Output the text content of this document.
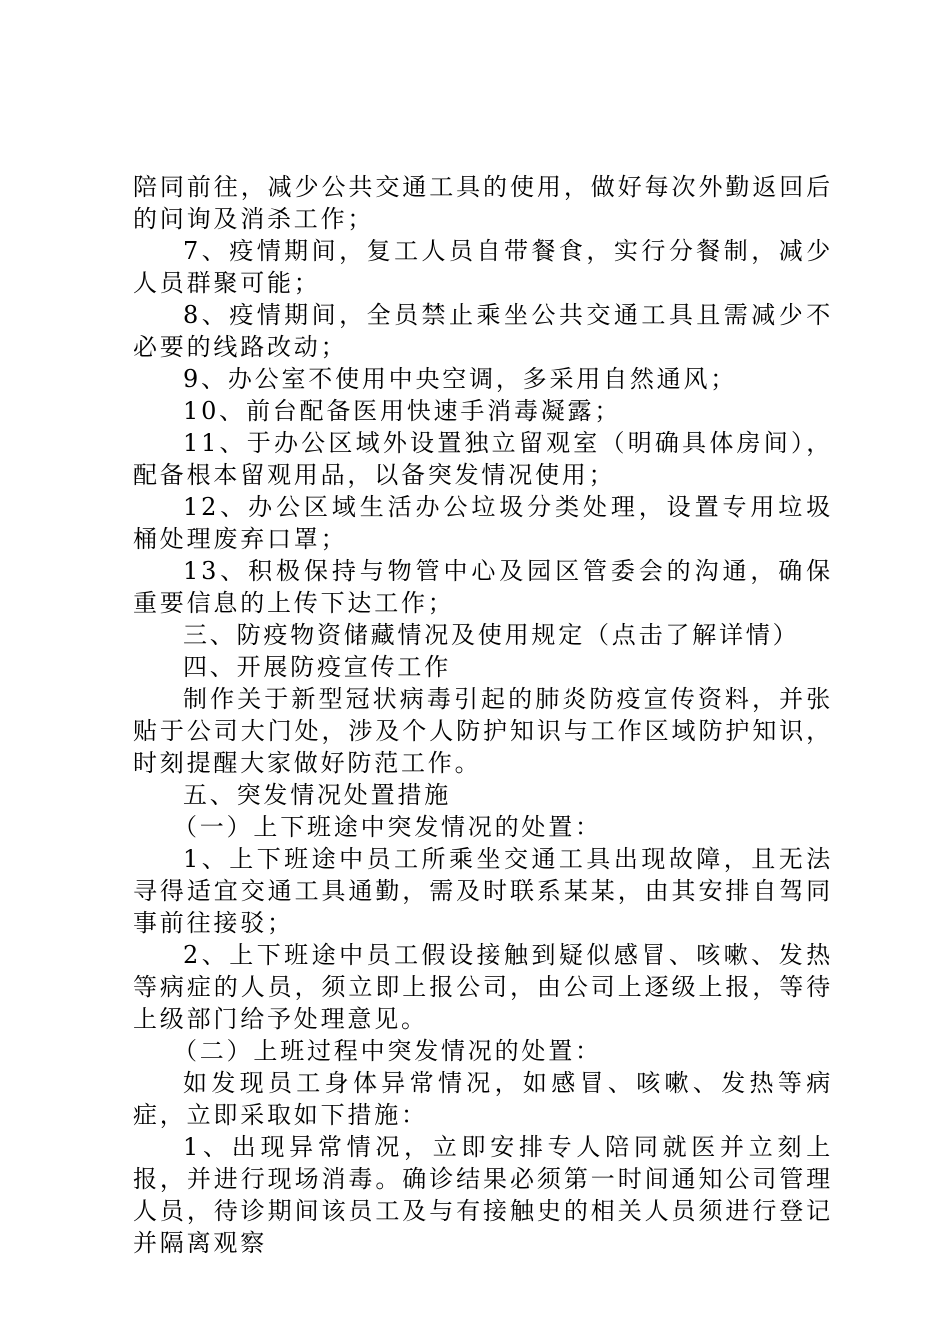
陪同前往，减少公共交通工具的使用，做好每次外勤返回后的问询及消杀工作；

7、疫情期间，复工人员自带餐食，实行分餐制，减少人员群聚可能；

8、疫情期间，全员禁止乘坐公共交通工具且需减少不必要的线路改动；

9、办公室不使用中央空调，多采用自然通风；

10、前台配备医用快速手消毒凝露；

11、于办公区域外设置独立留观室（明确具体房间），配备根本留观用品，以备突发情况使用；

12、办公区域生活办公垃圾分类处理，设置专用垃圾桶处理废弃口罩；

13、积极保持与物管中心及园区管委会的沟通，确保重要信息的上传下达工作；

三、防疫物资储藏情况及使用规定（点击了解详情）

四、开展防疫宣传工作

制作关于新型冠状病毒引起的肺炎防疫宣传资料，并张贴于公司大门处，涉及个人防护知识与工作区域防护知识，时刻提醒大家做好防范工作。

五、突发情况处置措施

（一）上下班途中突发情况的处置：

1、上下班途中员工所乘坐交通工具出现故障，且无法寻得适宜交通工具通勤，需及时联系某某，由其安排自驾同事前往接驳；

2、上下班途中员工假设接触到疑似感冒、咳嗽、发热等病症的人员，须立即上报公司，由公司上逐级上报，等待上级部门给予处理意见。

（二）上班过程中突发情况的处置：

如发现员工身体异常情况，如感冒、咳嗽、发热等病症，立即采取如下措施：

1、出现异常情况，立即安排专人陪同就医并立刻上报，并进行现场消毒。确诊结果必须第一时间通知公司管理人员，待诊期间该员工及与有接触史的相关人员须进行登记并隔离观察
